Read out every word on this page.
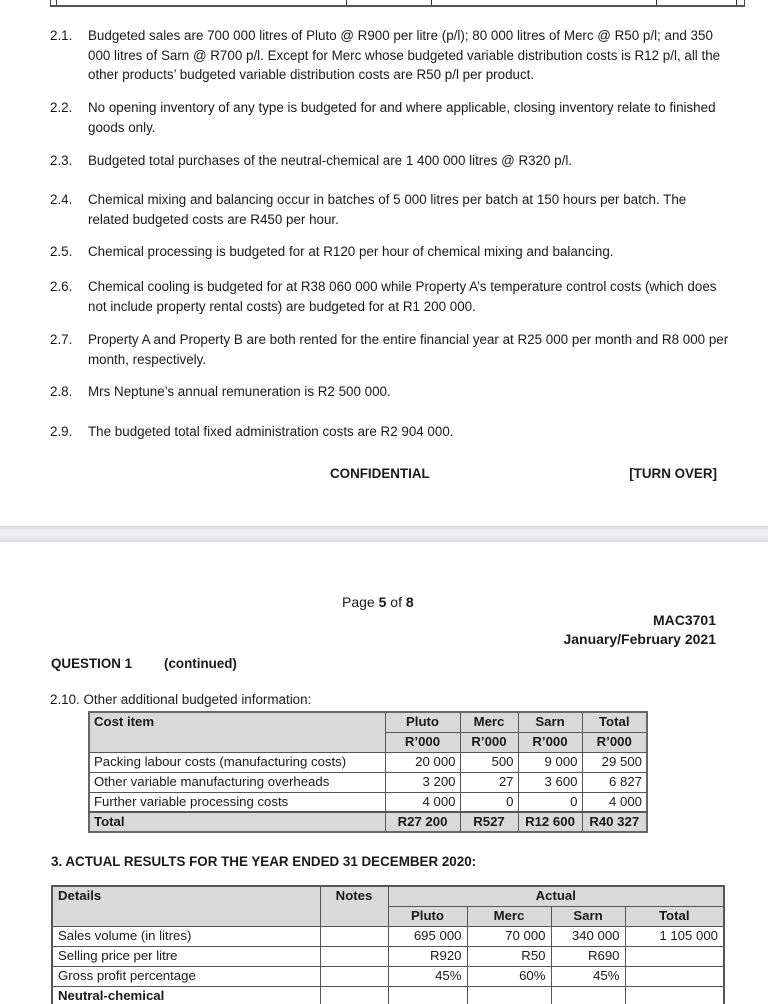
2.1.	Budgeted sales are 700 000 litres of Pluto @ R900 per litre (p/l); 80 000 litres of Merc @ R50 p/l; and 350 000 litres of Sarn @ R700 p/l. Except for Merc whose budgeted variable distribution costs is R12 p/l, all the other products’ budgeted variable distribution costs are R50 p/l per product.
2.2.	No opening inventory of any type is budgeted for and where applicable, closing inventory relate to finished goods only.
2.3.	Budgeted total purchases of the neutral-chemical are 1 400 000 litres @ R320 p/l.
2.4.	Chemical mixing and balancing occur in batches of 5 000 litres per batch at 150 hours per batch. The related budgeted costs are R450 per hour.
2.5.	Chemical processing is budgeted for at R120 per hour of chemical mixing and balancing.
2.6.	Chemical cooling is budgeted for at R38 060 000 while Property A’s temperature control costs (which does not include property rental costs) are budgeted for at R1 200 000.
2.7.	Property A and Property B are both rented for the entire financial year at R25 000 per month and R8 000 per month, respectively.
2.8.	Mrs Neptune’s annual remuneration is R2 500 000.
2.9.	The budgeted total fixed administration costs are R2 904 000.
CONFIDENTIAL	[TURN OVER]
Page 5 of 8
MAC3701
January/February 2021
QUESTION 1 (continued)
2.10. Other additional budgeted information:
Cost item	Pluto	Merc	Sarn	Total
	R’000	R’000	R’000	R’000
Packing labour costs (manufacturing costs)	20 000	500	9 000	29 500
Other variable manufacturing overheads	3 200	27	3 600	6 827
Further variable processing costs	4 000	0	0	4 000
Total	R27 200	R527	R12 600	R40 327
3. ACTUAL RESULTS FOR THE YEAR ENDED 31 DECEMBER 2020:
Details	Notes	Actual			
		Pluto	Merc	Sarn	Total
Sales volume (in litres)		695 000	70 000	340 000	1 105 000
Selling price per litre		R920	R50	R690	
Gross profit percentage		45%	60%	45%	
Neutral-chemical					
